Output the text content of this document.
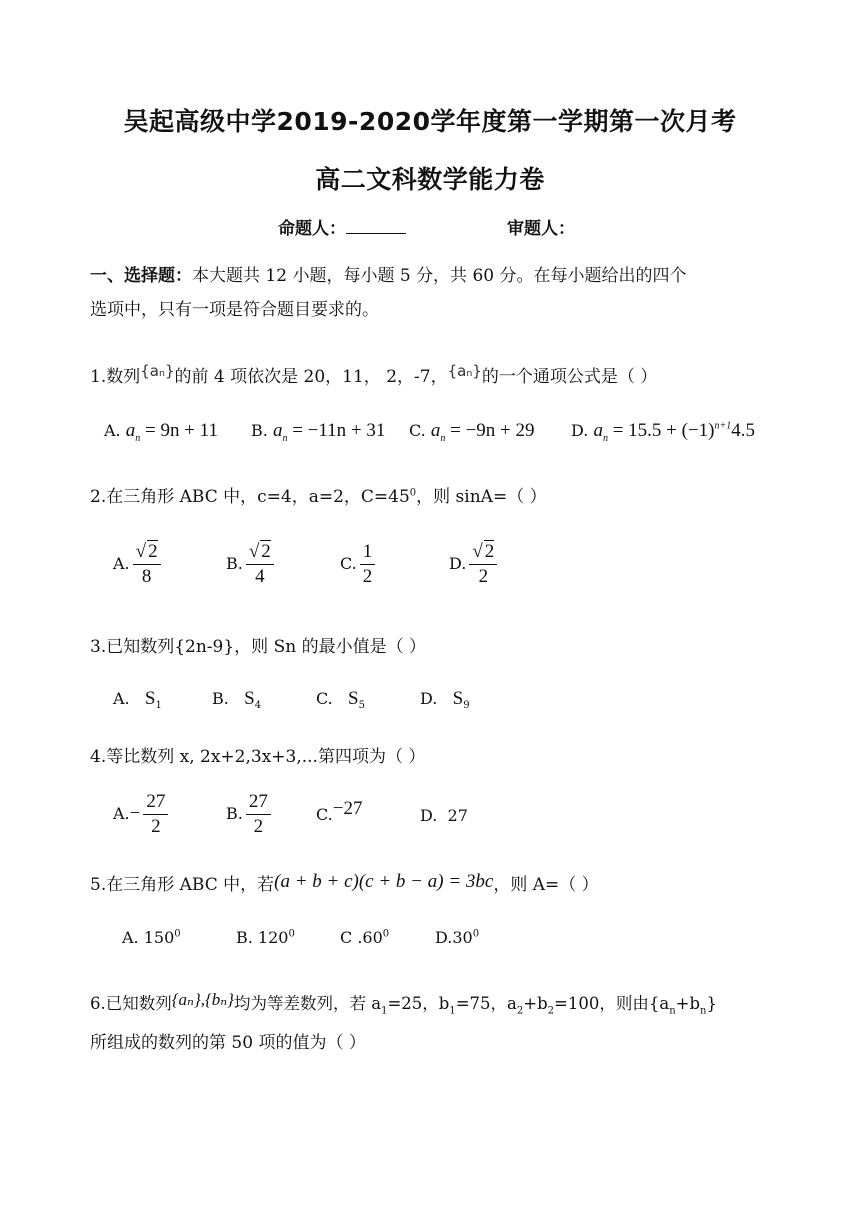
吴起高级中学2019-2020学年度第一学期第一次月考
高二文科数学能力卷
命题人：	审题人：
一、选择题：本大题共 12 小题，每小题 5 分，共 60 分。在每小题给出的四个
选项中，只有一项是符合题目要求的。
1.数列{aₙ}的前 4 项依次是 20，11， 2，-7，{aₙ}的一个通项公式是（ ）
A. $a_n = 9n + 11$ B. $a_n = -11n + 31$ C. $a_n = -9n + 29$ D. $a_n = 15.5 + (-1)^{n+1}4.5$
2.在三角形 ABC 中，c=4，a=2，$C=45^0$，则 sinA=（ ）
A. $\frac{√ 2}{8}$	B. $\frac{√ 2}{4}$	C. $\frac{1}{2}$	D. $\frac{√ 2}{2}$
3.已知数列{2n-9}，则 Sn 的最小值是（ ）
A. $S_1$	B. $S_4$	C. $S_5$	D. $S_9$
4.等比数列 x, 2x+2,3x+3,...第四项为（ ）
$A.- \frac{27}{2}$	B. $\frac{27}{2}$	C.−27	D. 27
5.在三角形 ABC 中，若(a + b + c)(c + b − a) = 3bc，则 A=（ ）
A. $150^0$	B. $120^0$	C $.60^0$	$D.30^0$
6.已知数列{aₙ},{bₙ}均为等差数列，若 $a_1=25$，$b_1=75$，$a_2+b_2=100$，则由$\{a_n+b_n\}$
所组成的数列的第 50 项的值为（ ）
